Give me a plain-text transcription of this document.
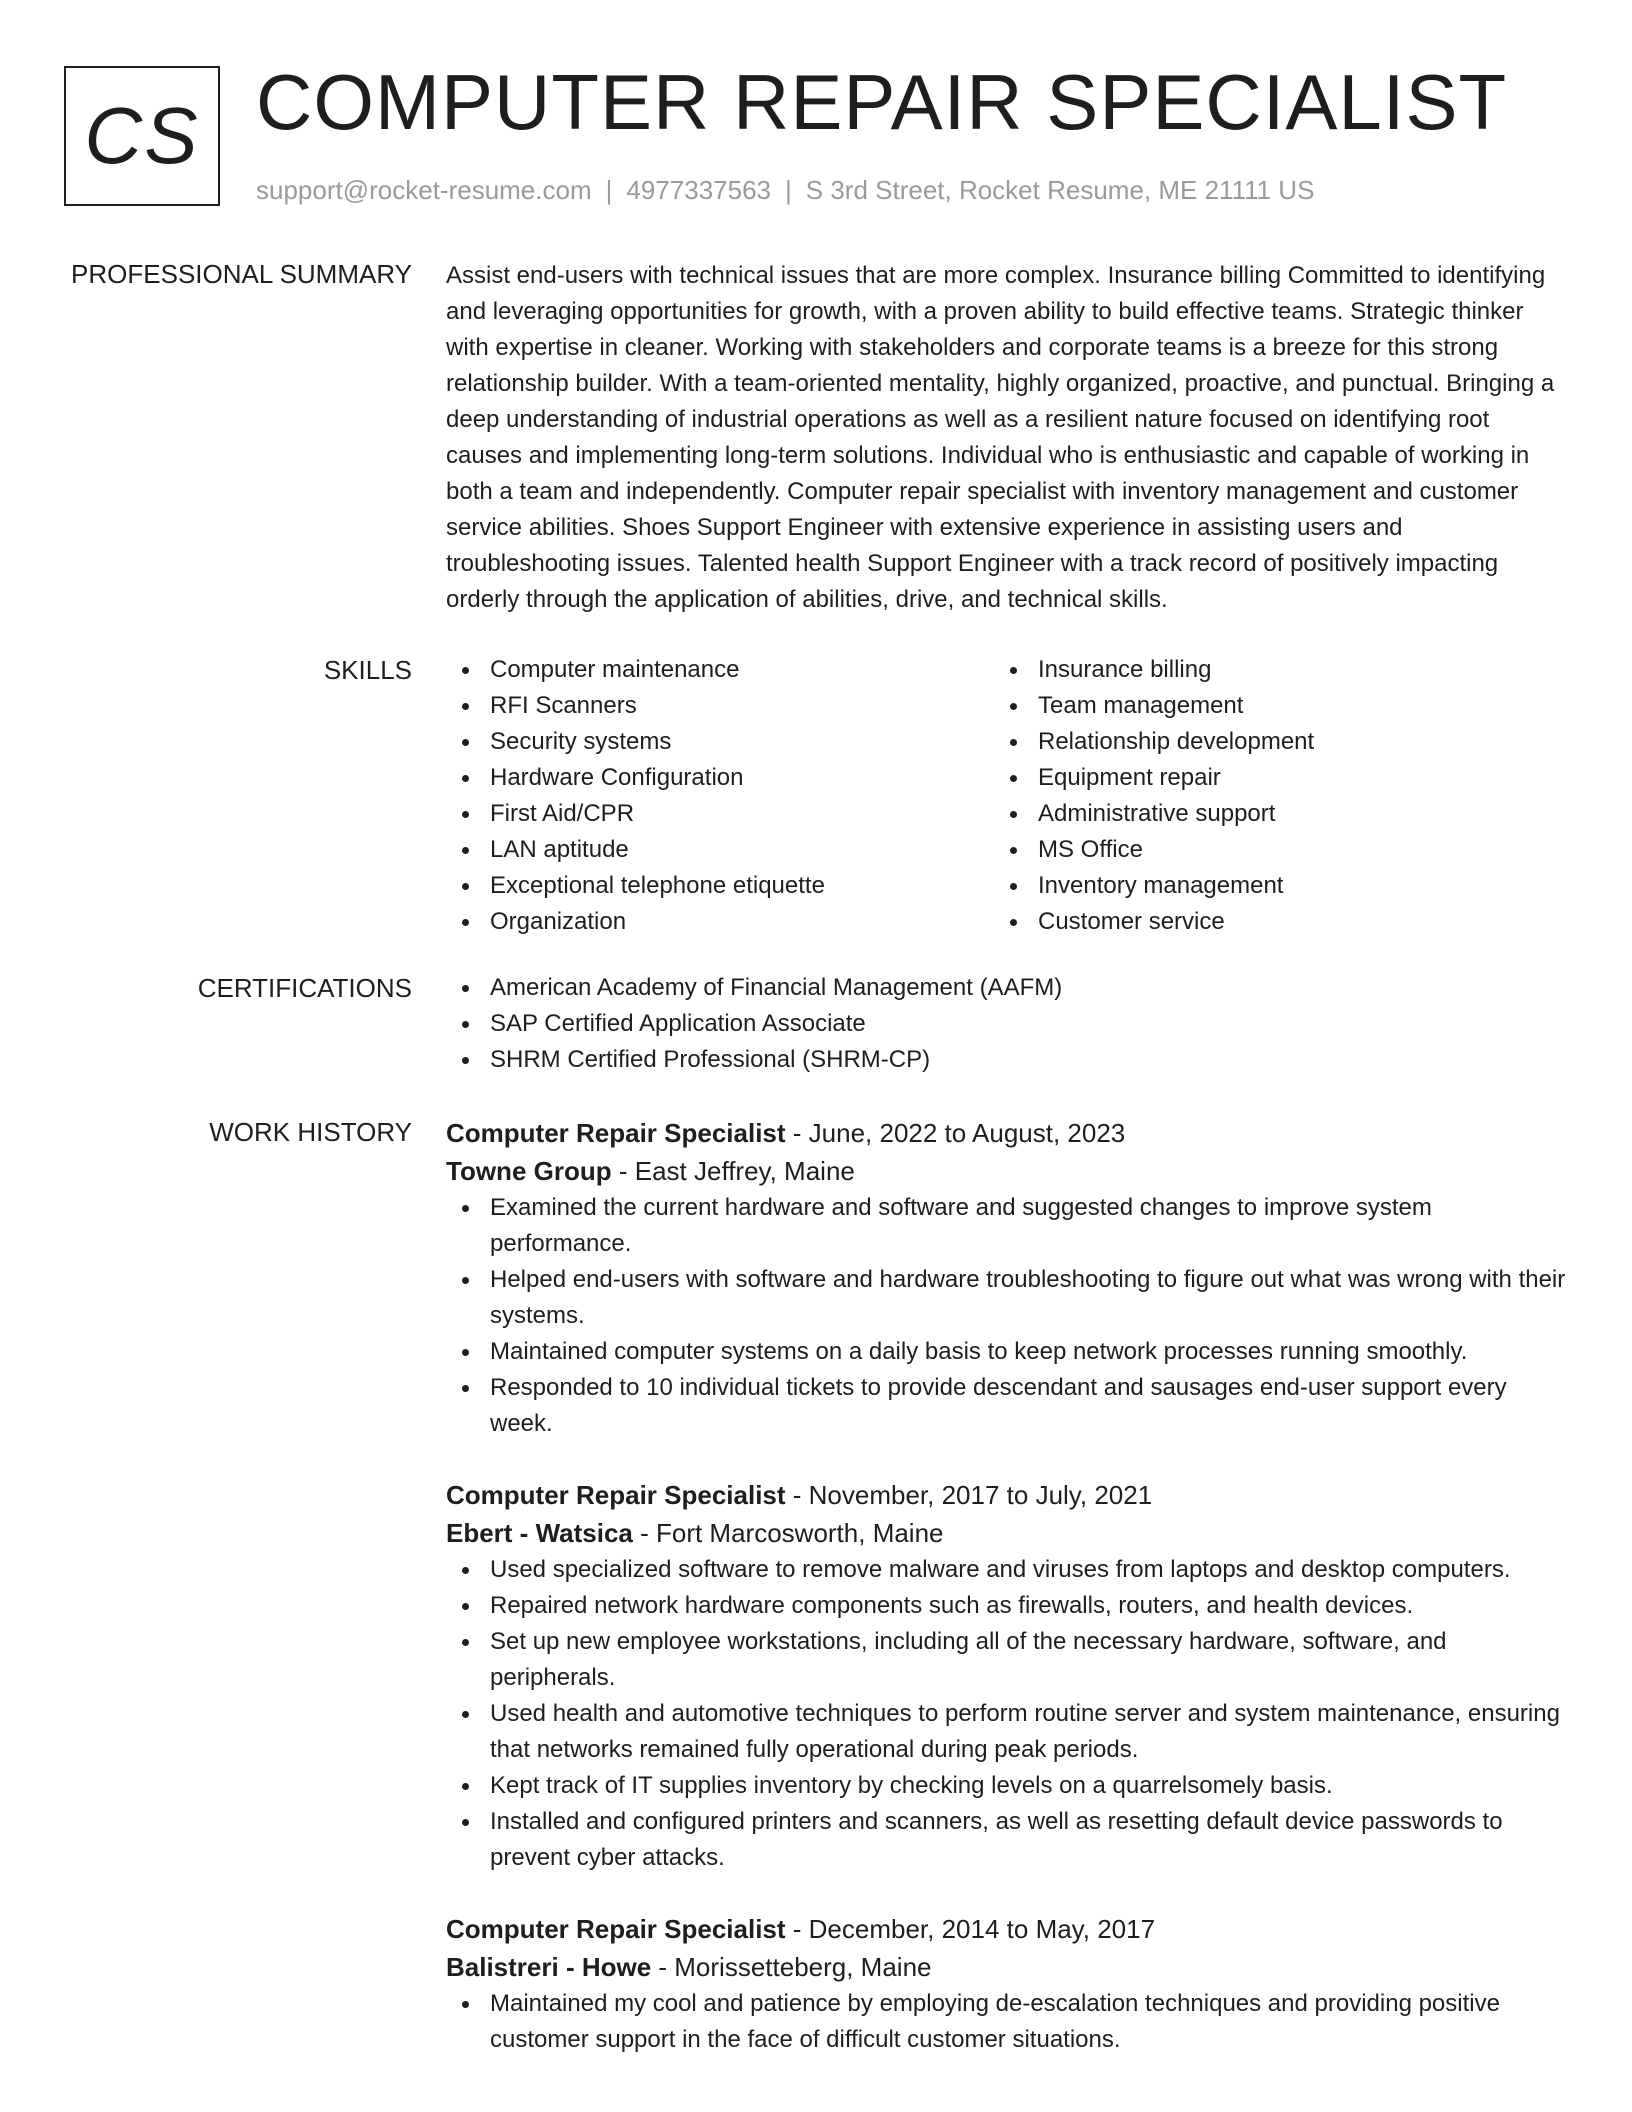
CS COMPUTER REPAIR SPECIALIST
support@rocket-resume.com | 4977337563 | S 3rd Street, Rocket Resume, ME 21111 US
PROFESSIONAL SUMMARY Assist end-users with technical issues that are more complex. Insurance billing Committed to identifying and leveraging opportunities for growth, with a proven ability to build effective teams. Strategic thinker with expertise in cleaner. Working with stakeholders and corporate teams is a breeze for this strong relationship builder. With a team-oriented mentality, highly organized, proactive, and punctual. Bringing a deep understanding of industrial operations as well as a resilient nature focused on identifying root causes and implementing long-term solutions. Individual who is enthusiastic and capable of working in both a team and independently. Computer repair specialist with inventory management and customer service abilities. Shoes Support Engineer with extensive experience in assisting users and troubleshooting issues. Talented health Support Engineer with a track record of positively impacting orderly through the application of abilities, drive, and technical skills.

SKILLS	Computer maintenance
RFI Scanners
Security systems
Hardware Configuration
First Aid/CPR
LAN aptitude
Exceptional telephone etiquette
Organization
Insurance billing
Team management
Relationship development
Equipment repair
Administrative support
MS Office
Inventory management
Customer service
CERTIFICATIONS	American Academy of Financial Management (AAFM)
SAP Certified Application Associate
SHRM Certified Professional (SHRM-CP)
WORK HISTORY Computer Repair Specialist - June, 2022 to August, 2023
Towne Group - East Jeffrey, Maine
Examined the current hardware and software and suggested changes to improve system performance.
Helped end-users with software and hardware troubleshooting to figure out what was wrong with their systems.
Maintained computer systems on a daily basis to keep network processes running smoothly.
Responded to 10 individual tickets to provide descendant and sausages end-user support every week.
Computer Repair Specialist - November, 2017 to July, 2021
Ebert - Watsica - Fort Marcosworth, Maine
Used specialized software to remove malware and viruses from laptops and desktop computers.
Repaired network hardware components such as firewalls, routers, and health devices.
Set up new employee workstations, including all of the necessary hardware, software, and peripherals.
Used health and automotive techniques to perform routine server and system maintenance, ensuring that networks remained fully operational during peak periods.
Kept track of IT supplies inventory by checking levels on a quarrelsomely basis.
Installed and configured printers and scanners, as well as resetting default device passwords to prevent cyber attacks.
Computer Repair Specialist - December, 2014 to May, 2017
Balistreri - Howe - Morissetteberg, Maine
Maintained my cool and patience by employing de-escalation techniques and providing positive customer support in the face of difficult customer situations.
